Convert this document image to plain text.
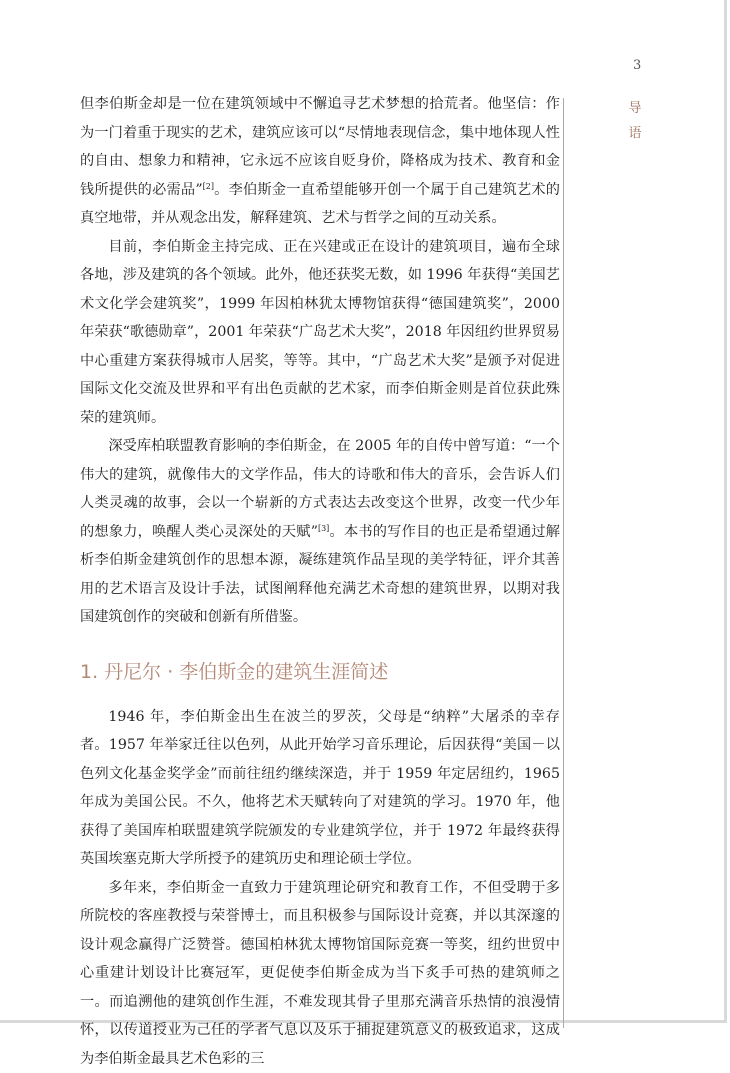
3
导语

但李伯斯金却是一位在建筑领域中不懈追寻艺术梦想的拾荒者。他坚信：作为一门着重于现实的艺术，建筑应该可以“尽情地表现信念，集中地体现人性的自由、想象力和精神，它永远不应该自贬身价，降格成为技术、教育和金钱所提供的必需品”[2]。李伯斯金一直希望能够开创一个属于自己建筑艺术的真空地带，并从观念出发，解释建筑、艺术与哲学之间的互动关系。

目前，李伯斯金主持完成、正在兴建或正在设计的建筑项目，遍布全球各地，涉及建筑的各个领域。此外，他还获奖无数，如 1996 年获得“美国艺术文化学会建筑奖”，1999 年因柏林犹太博物馆获得“德国建筑奖”，2000 年荣获“歌德勋章”，2001 年荣获“广岛艺术大奖”，2018 年因纽约世界贸易中心重建方案获得城市人居奖，等等。其中，“广岛艺术大奖”是颁予对促进国际文化交流及世界和平有出色贡献的艺术家，而李伯斯金则是首位获此殊荣的建筑师。

深受库柏联盟教育影响的李伯斯金，在 2005 年的自传中曾写道：“一个伟大的建筑，就像伟大的文学作品，伟大的诗歌和伟大的音乐，会告诉人们人类灵魂的故事，会以一个崭新的方式表达去改变这个世界，改变一代少年的想象力，唤醒人类心灵深处的天赋”[3]。本书的写作目的也正是希望通过解析李伯斯金建筑创作的思想本源，凝练建筑作品呈现的美学特征，评介其善用的艺术语言及设计手法，试图阐释他充满艺术奇想的建筑世界，以期对我国建筑创作的突破和创新有所借鉴。

1. 丹尼尔 · 李伯斯金的建筑生涯简述

1946 年，李伯斯金出生在波兰的罗茨，父母是“纳粹”大屠杀的幸存者。1957 年举家迁往以色列，从此开始学习音乐理论，后因获得“美国－以色列文化基金奖学金”而前往纽约继续深造，并于 1959 年定居纽约，1965 年成为美国公民。不久，他将艺术天赋转向了对建筑的学习。1970 年，他获得了美国库柏联盟建筑学院颁发的专业建筑学位，并于 1972 年最终获得英国埃塞克斯大学所授予的建筑历史和理论硕士学位。

多年来，李伯斯金一直致力于建筑理论研究和教育工作，不但受聘于多所院校的客座教授与荣誉博士，而且积极参与国际设计竞赛，并以其深邃的设计观念赢得广泛赞誉。德国柏林犹太博物馆国际竞赛一等奖，纽约世贸中心重建计划设计比赛冠军，更促使李伯斯金成为当下炙手可热的建筑师之一。而追溯他的建筑创作生涯，不难发现其骨子里那充满音乐热情的浪漫情怀，以传道授业为己任的学者气息以及乐于捕捉建筑意义的极致追求，这成为李伯斯金最具艺术色彩的三
